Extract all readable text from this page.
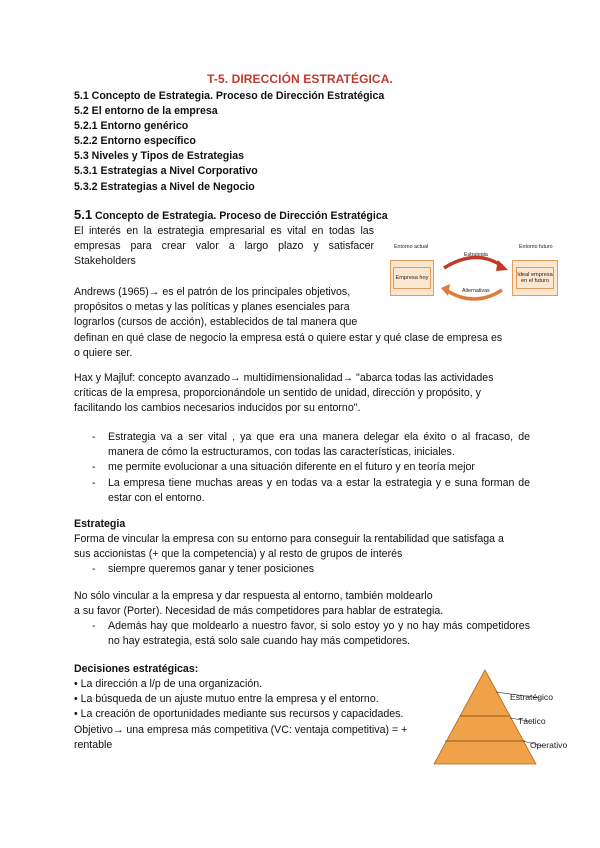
T-5. DIRECCIÓN ESTRATÉGICA.
5.1 Concepto de Estrategia. Proceso de Dirección Estratégica
5.2 El entorno de la empresa
5.2.1 Entorno genérico
5.2.2 Entorno específico
5.3 Niveles y Tipos de Estrategias
5.3.1 Estrategias a Nivel Corporativo
5.3.2 Estrategias a Nivel de Negocio
5.1 Concepto de Estrategia. Proceso de Dirección Estratégica
El interés en la estrategia empresarial es vital en todas las empresas para crear valor a largo plazo y satisfacer Stakeholders
Entorno actual	Entorno futuro
Estrategia
Alternativas
Empresa hoy
Ideal empresa en el futuro
Andrews (1965)→ es el patrón de los principales objetivos,
propósitos o metas y las políticas y planes esenciales para
lograrlos (cursos de acción), establecidos de tal manera que
definan en qué clase de negocio la empresa está o quiere estar y qué clase de empresa es
o quiere ser.
Hax y Majluf: concepto avanzado→ multidimensionalidad→ "abarca todas las actividades
críticas de la empresa, proporcionándole un sentido de unidad, dirección y propósito, y
facilitando los cambios necesarios inducidos por su entorno".
- Estrategia va a ser vital , ya que era una manera delegar ela éxito o al fracaso, de manera de cómo la estructuramos, con todas las características, iniciales.
- me permite evolucionar a una situación diferente en el futuro y en teoría mejor
- La empresa tiene muchas areas y en todas va a estar la estrategia y e suna forman de estar con el entorno.
Estrategia
Forma de vincular la empresa con su entorno para conseguir la rentabilidad que satisfaga a
sus accionistas (+ que la competencia) y al resto de grupos de interés
- siempre queremos ganar y tener posiciones
No sólo vincular a la empresa y dar respuesta al entorno, también moldearlo
a su favor (Porter). Necesidad de más competidores para hablar de estrategia.
- Además hay que moldearlo a nuestro favor, si solo estoy yo y no hay más competidores no hay estrategia, está solo sale cuando hay más competidores.
Decisiones estratégicas:
• La dirección a l/p de una organización.
• La búsqueda de un ajuste mutuo entre la empresa y el entorno.
• La creación de oportunidades mediante sus recursos y capacidades.
Objetivo→ una empresa más competitiva (VC: ventaja competitiva) = +
rentable
Estratégico
Táctico
Operativo
